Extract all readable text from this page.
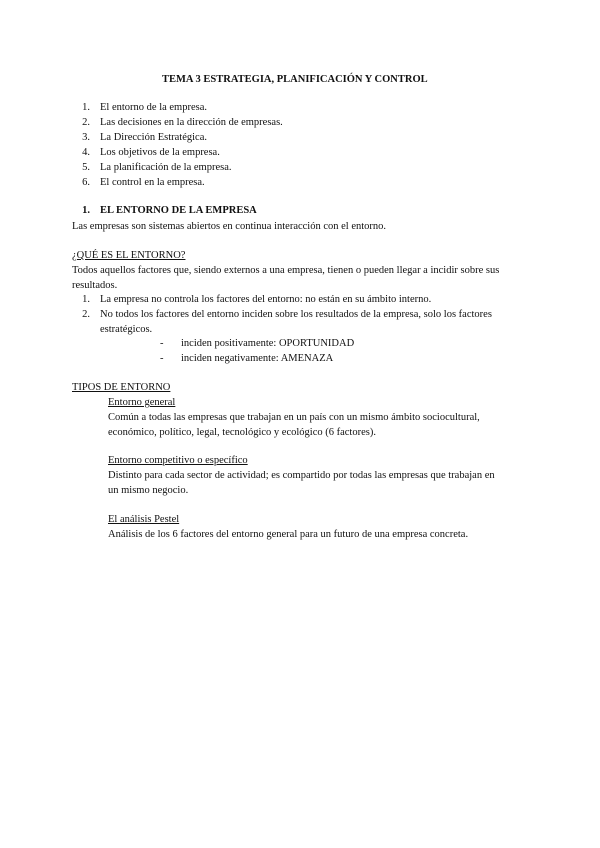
TEMA 3 ESTRATEGIA, PLANIFICACIÓN Y CONTROL
1. El entorno de la empresa.
2. Las decisiones en la dirección de empresas.
3. La Dirección Estratégica.
4. Los objetivos de la empresa.
5. La planificación de la empresa.
6. El control en la empresa.
1. EL ENTORNO DE LA EMPRESA
Las empresas son sistemas abiertos en continua interacción con el entorno.
¿QUÉ ES EL ENTORNO?
Todos aquellos factores que, siendo externos a una empresa, tienen o pueden llegar a incidir sobre sus
resultados.
1. La empresa no controla los factores del entorno: no están en su ámbito interno.
2. No todos los factores del entorno inciden sobre los resultados de la empresa, solo los factores
estratégicos.
- inciden positivamente: OPORTUNIDAD
- inciden negativamente: AMENAZA
TIPOS DE ENTORNO
Entorno general
Común a todas las empresas que trabajan en un país con un mismo ámbito sociocultural,
económico, político, legal, tecnológico y ecológico (6 factores).
Entorno competitivo o específico
Distinto para cada sector de actividad; es compartido por todas las empresas que trabajan en
un mismo negocio.
El análisis Pestel
Análisis de los 6 factores del entorno general para un futuro de una empresa concreta.
